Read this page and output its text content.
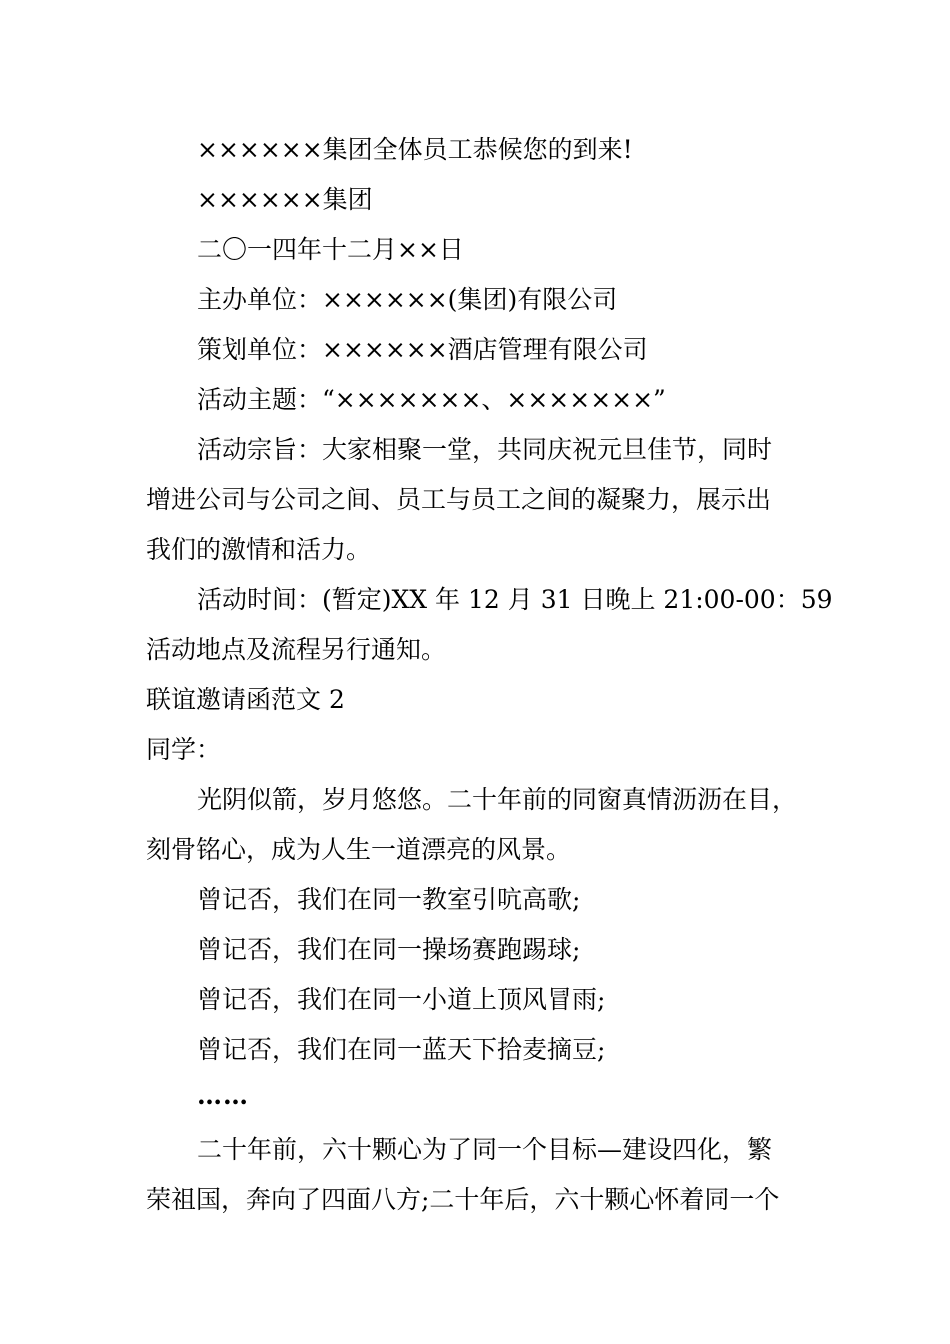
××××××集团全体员工恭候您的到来!

××××××集团

二〇一四年十二月××日

主办单位：××××××(集团)有限公司

策划单位：××××××酒店管理有限公司

活动主题：“×××××××、×××××××”

活动宗旨：大家相聚一堂，共同庆祝元旦佳节，同时

增进公司与公司之间、员工与员工之间的凝聚力，展示出

我们的激情和活力。

活动时间：(暂定)XX 年 12 月 31 日晚上 21:00-00：59

活动地点及流程另行通知。

联谊邀请函范文 2

同学：

光阴似箭，岁月悠悠。二十年前的同窗真情沥沥在目，

刻骨铭心，成为人生一道漂亮的风景。

曾记否，我们在同一教室引吭高歌;

曾记否，我们在同一操场赛跑踢球;

曾记否，我们在同一小道上顶风冒雨;

曾记否，我们在同一蓝天下拾麦摘豆;

……

二十年前，六十颗心为了同一个目标—建设四化，繁

荣祖国，奔向了四面八方;二十年后，六十颗心怀着同一个
